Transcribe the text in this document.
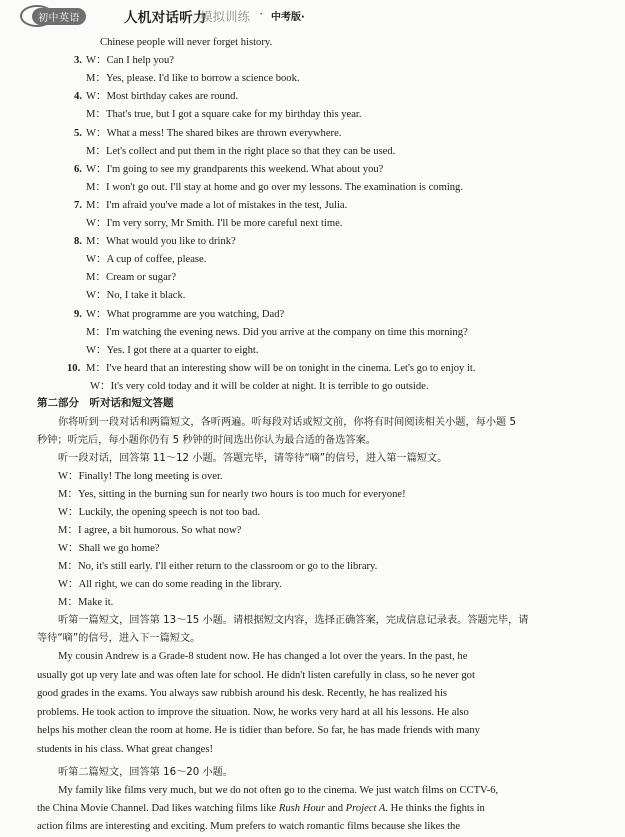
初中英语	人机对话听力
模拟训练 · 中考版·
Chinese people will never forget history.
3. W：Can I help you?
M：Yes, please. I'd like to borrow a science book.
4. W：Most birthday cakes are round.
M：That's true, but I got a square cake for my birthday this year.
5. W：What a mess! The shared bikes are thrown everywhere.
M：Let's collect and put them in the right place so that they can be used.
6. W：I'm going to see my grandparents this weekend. What about you?
M：I won't go out. I'll stay at home and go over my lessons. The examination is coming.
7. M：I'm afraid you've made a lot of mistakes in the test, Julia.
W：I'm very sorry, Mr Smith. I'll be more careful next time.
8. M：What would you like to drink?
W：A cup of coffee, please.
M：Cream or sugar?
W：No, I take it black.
9. W：What programme are you watching, Dad?
M：I'm watching the evening news. Did you arrive at the company on time this morning?
W：Yes. I got there at a quarter to eight.
10. M：I've heard that an interesting show will be on tonight in the cinema. Let's go to enjoy it.
W：It's very cold today and it will be colder at night. It is terrible to go outside.
第二部分　听对话和短文答题
你将听到一段对话和两篇短文，各听两遍。听每段对话或短文前，你将有时间阅读相关小题，每小题 5
秒钟；听完后，每小题你仍有 5 秒钟的时间选出你认为最合适的备选答案。
听一段对话，回答第 11～12 小题。答题完毕，请等待“嘀”的信号，进入第一篇短文。
W：Finally! The long meeting is over.
M：Yes, sitting in the burning sun for nearly two hours is too much for everyone!
W：Luckily, the opening speech is not too bad.
M：I agree, a bit humorous. So what now?
W：Shall we go home?
M：No, it's still early. I'll either return to the classroom or go to the library.
W：All right, we can do some reading in the library.
M：Make it.
听第一篇短文，回答第 13～15 小题。请根据短文内容，选择正确答案，完成信息记录表。答题完毕，请
等待“嘀”的信号，进入下一篇短文。
My cousin Andrew is a Grade-8 student now. He has changed a lot over the years. In the past, he
usually got up very late and was often late for school. He didn't listen carefully in class, so he never got
good grades in the exams. You always saw rubbish around his desk. Recently, he has realized his
problems. He took action to improve the situation. Now, he works very hard at all his lessons. He also
helps his mother clean the room at home. He is tidier than before. So far, he has made friends with many
students in his class. What great changes!
听第二篇短文，回答第 16～20 小题。
My family like films very much, but we do not often go to the cinema. We just watch films on CCTV-6,
the China Movie Channel. Dad likes watching films like Rush Hour and Project A. He thinks the fights in
action films are interesting and exciting. Mum prefers to watch romantic films because she likes the
